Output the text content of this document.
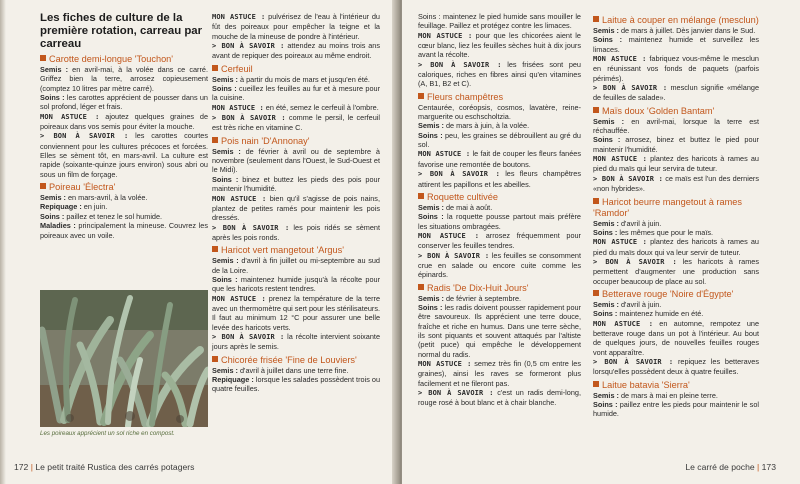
Les fiches de culture de la première rotation, carreau par carreau
Carotte demi-longue 'Touchon'

Semis : en avril-mai, à la volée dans ce carré. Griffez bien la terre, arrosez copieusement (comptez 10 litres par mètre carré).

Soins : les carottes apprécient de pousser dans un sol profond, léger et frais.

MON ASTUCE : ajoutez quelques graines de poireaux dans vos semis pour éviter la mouche.

> BON À SAVOIR : les carottes courtes conviennent pour les cultures précoces et forcées. Elles se sèment tôt, en mars-avril. La culture est rapide (soixante-quinze jours environ) sous abri ou sous un film de forçage.

Poireau 'Électra'

Semis : en mars-avril, à la volée.

Repiquage : en juin.

Soins : paillez et tenez le sol humide.

Maladies : principalement la mineuse. Couvrez les poireaux avec un voile.

MON ASTUCE : pulvérisez de l'eau à l'intérieur du fût des poireaux pour empêcher la teigne et la mouche de la mineuse de pondre à l'intérieur.

> BON À SAVOIR : attendez au moins trois ans avant de repiquer des poireaux au même endroit.

Cerfeuil

Semis : à partir du mois de mars et jusqu'en été.

Soins : cueillez les feuilles au fur et à mesure pour la cuisine.

MON ASTUCE : en été, semez le cerfeuil à l'ombre.

> BON À SAVOIR : comme le persil, le cerfeuil est très riche en vitamine C.

Pois nain 'D'Annonay'

Semis : de février à avril ou de septembre à novembre (seulement dans l'Ouest, le Sud-Ouest et le Midi).

Soins : binez et buttez les pieds des pois pour maintenir l'humidité.

MON ASTUCE : bien qu'il s'agisse de pois nains, plantez de petites ramés pour maintenir les pois dressés.

> BON À SAVOIR : les pois ridés se sèment après les pois ronds.

Haricot vert mangetout 'Argus'

Semis : d'avril à fin juillet ou mi-septembre au sud de la Loire.

Soins : maintenez humide jusqu'à la récolte pour que les haricots restent tendres.

MON ASTUCE : prenez la température de la terre avec un thermomètre qui sert pour les stérilisateurs. Il faut au minimum 12 °C pour assurer une belle levée des haricots verts.

> BON À SAVOIR : la récolte intervient soixante jours après le semis.

Chicorée frisée 'Fine de Louviers'

Semis : d'avril à juillet dans une terre fine.

Repiquage : lorsque les salades possèdent trois ou quatre feuilles.

Les poireaux apprécient un sol riche en compost.
172 | Le petit traité Rustica des carrés potagers

Soins : maintenez le pied humide sans mouiller le feuillage. Paillez et protégez contre les limaces.

MON ASTUCE : pour que les chicorées aient le cœur blanc, liez les feuilles sèches huit à dix jours avant la récolte.

> BON À SAVOIR : les frisées sont peu caloriques, riches en fibres ainsi qu'en vitamines (A, B1, B2 et C).

Fleurs champêtres

Centaurée, coréopsis, cosmos, lavatère, reine-marguerite ou eschscholtzia.

Semis : de mars à juin, à la volée.

Soins : peu, les graines se débrouillent au gré du sol.

MON ASTUCE : le fait de couper les fleurs fanées favorise une remontée de boutons.

> BON À SAVOIR : les fleurs champêtres attirent les papillons et les abeilles.

Roquette cultivée

Semis : de mai à août.

Soins : la roquette pousse partout mais préfère les situations ombragées.

MON ASTUCE : arrosez fréquemment pour conserver les feuilles tendres.

> BON À SAVOIR : les feuilles se consomment crue en salade ou encore cuite comme les épinards.

Radis 'De Dix-Huit Jours'

Semis : de février à septembre.

Soins : les radis doivent pousser rapidement pour être savoureux. Ils apprécient une terre douce, fraîche et riche en humus. Dans une terre sèche, ils sont piquants et souvent attaqués par l'altiste (petit puce) qui empêche le développement normal du radis.

MON ASTUCE : semez très fin (0,5 cm entre les graines), ainsi les raves se formeront plus facilement et ne fileront pas.

> BON À SAVOIR : c'est un radis demi-long, rouge rosé à bout blanc et à chair blanche.

Laitue à couper en mélange (mesclun)

Semis : de mars à juillet. Dès janvier dans le Sud.

Soins : maintenez humide et surveillez les limaces.

MON ASTUCE : fabriquez vous-même le mesclun en réunissant vos fonds de paquets (parfois périmés).

> BON À SAVOIR : mesclun signifie «mélange de feuilles de salade».

Maïs doux 'Golden Bantam'

Semis : en avril-mai, lorsque la terre est réchauffée.

Soins : arrosez, binez et buttez le pied pour maintenir l'humidité.

MON ASTUCE : plantez des haricots à rames au pied du maïs qui leur servira de tuteur.

> BON À SAVOIR : ce maïs est l'un des derniers «non hybrides».

Haricot beurre mangetout à rames 'Ramdor'

Semis : d'avril à juin.

Soins : les mêmes que pour le maïs.

MON ASTUCE : plantez des haricots à rames au pied du maïs doux qui va leur servir de tuteur.

> BON À SAVOIR : les haricots à rames permettent d'augmenter une production sans occuper beaucoup de place au sol.

Betterave rouge 'Noire d'Égypte'

Semis : d'avril à juin.

Soins : maintenez humide en été.

MON ASTUCE : en automne, rempotez une betterave rouge dans un pot à l'intérieur. Au bout de quelques jours, de nouvelles feuilles rouges vont apparaître.

> BON À SAVOIR : repiquez les betteraves lorsqu'elles possèdent deux à quatre feuilles.

Laitue batavia 'Sierra'

Semis : de mars à mai en pleine terre.

Soins : paillez entre les pieds pour maintenir le sol humide.

Le carré de poche | 173
